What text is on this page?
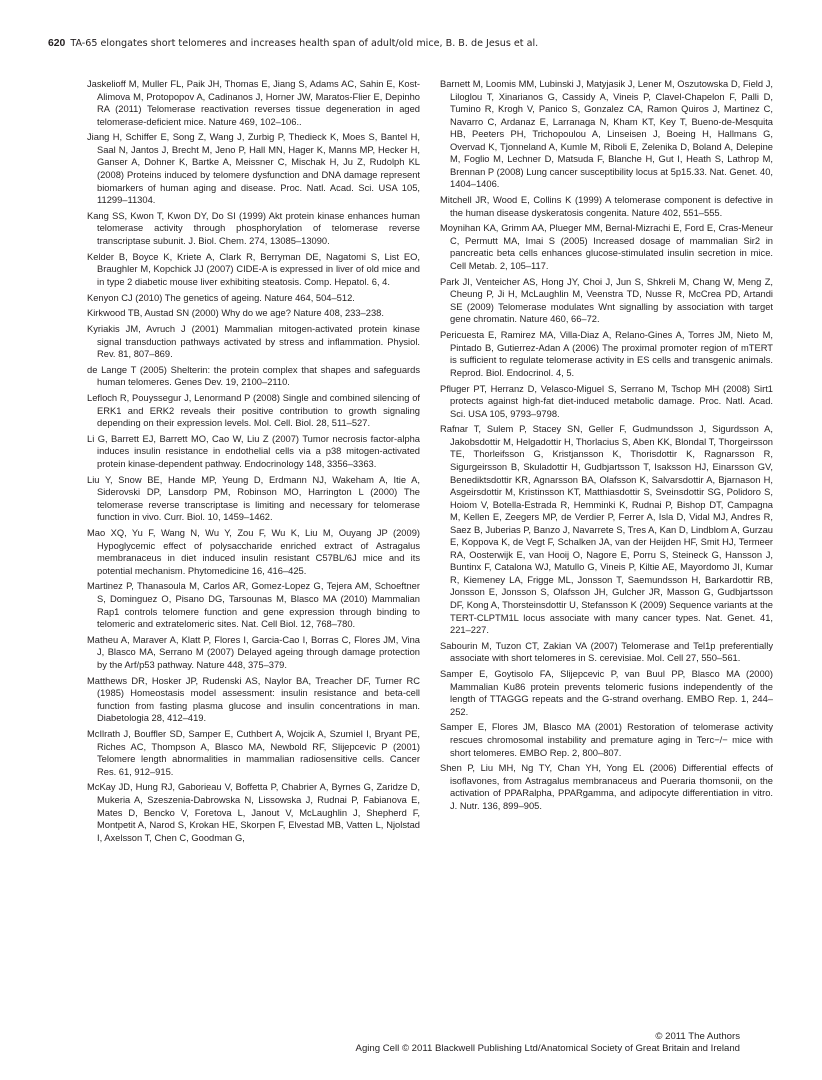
620 TA-65 elongates short telomeres and increases health span of adult/old mice, B. B. de Jesus et al.

Jaskelioff M, Muller FL, Paik JH, Thomas E, Jiang S, Adams AC, Sahin E, Kost-Alimova M, Protopopov A, Cadinanos J, Horner JW, Maratos-Flier E, Depinho RA (2011) Telomerase reactivation reverses tissue degeneration in aged telomerase-deficient mice. Nature 469, 102–106..

Jiang H, Schiffer E, Song Z, Wang J, Zurbig P, Thedieck K, Moes S, Bantel H, Saal N, Jantos J, Brecht M, Jeno P, Hall MN, Hager K, Manns MP, Hecker H, Ganser A, Dohner K, Bartke A, Meissner C, Mischak H, Ju Z, Rudolph KL (2008) Proteins induced by telomere dysfunction and DNA damage represent biomarkers of human aging and disease. Proc. Natl. Acad. Sci. USA 105, 11299–11304.

Kang SS, Kwon T, Kwon DY, Do SI (1999) Akt protein kinase enhances human telomerase activity through phosphorylation of telomerase reverse transcriptase subunit. J. Biol. Chem. 274, 13085–13090.

Kelder B, Boyce K, Kriete A, Clark R, Berryman DE, Nagatomi S, List EO, Braughler M, Kopchick JJ (2007) CIDE-A is expressed in liver of old mice and in type 2 diabetic mouse liver exhibiting steatosis. Comp. Hepatol. 6, 4.

Kenyon CJ (2010) The genetics of ageing. Nature 464, 504–512.

Kirkwood TB, Austad SN (2000) Why do we age? Nature 408, 233–238.

Kyriakis JM, Avruch J (2001) Mammalian mitogen-activated protein kinase signal transduction pathways activated by stress and inflammation. Physiol. Rev. 81, 807–869.

de Lange T (2005) Shelterin: the protein complex that shapes and safeguards human telomeres. Genes Dev. 19, 2100–2110.

Lefloch R, Pouyssegur J, Lenormand P (2008) Single and combined silencing of ERK1 and ERK2 reveals their positive contribution to growth signaling depending on their expression levels. Mol. Cell. Biol. 28, 511–527.

Li G, Barrett EJ, Barrett MO, Cao W, Liu Z (2007) Tumor necrosis factor-alpha induces insulin resistance in endothelial cells via a p38 mitogen-activated protein kinase-dependent pathway. Endocrinology 148, 3356–3363.

Liu Y, Snow BE, Hande MP, Yeung D, Erdmann NJ, Wakeham A, Itie A, Siderovski DP, Lansdorp PM, Robinson MO, Harrington L (2000) The telomerase reverse transcriptase is limiting and necessary for telomerase function in vivo. Curr. Biol. 10, 1459–1462.

Mao XQ, Yu F, Wang N, Wu Y, Zou F, Wu K, Liu M, Ouyang JP (2009) Hypoglycemic effect of polysaccharide enriched extract of Astragalus membranaceus in diet induced insulin resistant C57BL/6J mice and its potential mechanism. Phytomedicine 16, 416–425.

Martinez P, Thanasoula M, Carlos AR, Gomez-Lopez G, Tejera AM, Schoeftner S, Dominguez O, Pisano DG, Tarsounas M, Blasco MA (2010) Mammalian Rap1 controls telomere function and gene expression through binding to telomeric and extratelomeric sites. Nat. Cell Biol. 12, 768–780.

Matheu A, Maraver A, Klatt P, Flores I, Garcia-Cao I, Borras C, Flores JM, Vina J, Blasco MA, Serrano M (2007) Delayed ageing through damage protection by the Arf/p53 pathway. Nature 448, 375–379.

Matthews DR, Hosker JP, Rudenski AS, Naylor BA, Treacher DF, Turner RC (1985) Homeostasis model assessment: insulin resistance and beta-cell function from fasting plasma glucose and insulin concentrations in man. Diabetologia 28, 412–419.

McIlrath J, Bouffler SD, Samper E, Cuthbert A, Wojcik A, Szumiel I, Bryant PE, Riches AC, Thompson A, Blasco MA, Newbold RF, Slijepcevic P (2001) Telomere length abnormalities in mammalian radiosensitive cells. Cancer Res. 61, 912–915.

McKay JD, Hung RJ, Gaborieau V, Boffetta P, Chabrier A, Byrnes G, Zaridze D, Mukeria A, Szeszenia-Dabrowska N, Lissowska J, Rudnai P, Fabianova E, Mates D, Bencko V, Foretova L, Janout V, McLaughlin J, Shepherd F, Montpetit A, Narod S, Krokan HE, Skorpen F, Elvestad MB, Vatten L, Njolstad I, Axelsson T, Chen C, Goodman G,

Barnett M, Loomis MM, Lubinski J, Matyjasik J, Lener M, Oszutowska D, Field J, Liloglou T, Xinarianos G, Cassidy A, Vineis P, Clavel-Chapelon F, Palli D, Tumino R, Krogh V, Panico S, Gonzalez CA, Ramon Quiros J, Martinez C, Navarro C, Ardanaz E, Larranaga N, Kham KT, Key T, Bueno-de-Mesquita HB, Peeters PH, Trichopoulou A, Linseisen J, Boeing H, Hallmans G, Overvad K, Tjonneland A, Kumle M, Riboli E, Zelenika D, Boland A, Delepine M, Foglio M, Lechner D, Matsuda F, Blanche H, Gut I, Heath S, Lathrop M, Brennan P (2008) Lung cancer susceptibility locus at 5p15.33. Nat. Genet. 40, 1404–1406.

Mitchell JR, Wood E, Collins K (1999) A telomerase component is defective in the human disease dyskeratosis congenita. Nature 402, 551–555.

Moynihan KA, Grimm AA, Plueger MM, Bernal-Mizrachi E, Ford E, Cras-Meneur C, Permutt MA, Imai S (2005) Increased dosage of mammalian Sir2 in pancreatic beta cells enhances glucose-stimulated insulin secretion in mice. Cell Metab. 2, 105–117.

Park JI, Venteicher AS, Hong JY, Choi J, Jun S, Shkreli M, Chang W, Meng Z, Cheung P, Ji H, McLaughlin M, Veenstra TD, Nusse R, McCrea PD, Artandi SE (2009) Telomerase modulates Wnt signalling by association with target gene chromatin. Nature 460, 66–72.

Pericuesta E, Ramirez MA, Villa-Diaz A, Relano-Gines A, Torres JM, Nieto M, Pintado B, Gutierrez-Adan A (2006) The proximal promoter region of mTERT is sufficient to regulate telomerase activity in ES cells and transgenic animals. Reprod. Biol. Endocrinol. 4, 5.

Pfluger PT, Herranz D, Velasco-Miguel S, Serrano M, Tschop MH (2008) Sirt1 protects against high-fat diet-induced metabolic damage. Proc. Natl. Acad. Sci. USA 105, 9793–9798.

Rafnar T, Sulem P, Stacey SN, Geller F, Gudmundsson J, Sigurdsson A, Jakobsdottir M, Helgadottir H, Thorlacius S, Aben KK, Blondal T, Thorgeirsson TE, Thorleifsson G, Kristjansson K, Thorisdottir K, Ragnarsson R, Sigurgeirsson B, Skuladottir H, Gudbjartsson T, Isaksson HJ, Einarsson GV, Benediktsdottir KR, Agnarsson BA, Olafsson K, Salvarsdottir A, Bjarnason H, Asgeirsdottir M, Kristinsson KT, Matthiasdottir S, Sveinsdottir SG, Polidoro S, Hoiom V, Botella-Estrada R, Hemminki K, Rudnai P, Bishop DT, Campagna M, Kellen E, Zeegers MP, de Verdier P, Ferrer A, Isla D, Vidal MJ, Andres R, Saez B, Juberias P, Banzo J, Navarrete S, Tres A, Kan D, Lindblom A, Gurzau E, Koppova K, de Vegt F, Schalken JA, van der Heijden HF, Smit HJ, Termeer RA, Oosterwijk E, van Hooij O, Nagore E, Porru S, Steineck G, Hansson J, Buntinx F, Catalona WJ, Matullo G, Vineis P, Kiltie AE, Mayordomo JI, Kumar R, Kiemeney LA, Frigge ML, Jonsson T, Saemundsson H, Barkardottir RB, Jonsson E, Jonsson S, Olafsson JH, Gulcher JR, Masson G, Gudbjartsson DF, Kong A, Thorsteinsdottir U, Stefansson K (2009) Sequence variants at the TERT-CLPTM1L locus associate with many cancer types. Nat. Genet. 41, 221–227.

Sabourin M, Tuzon CT, Zakian VA (2007) Telomerase and Tel1p preferentially associate with short telomeres in S. cerevisiae. Mol. Cell 27, 550–561.

Samper E, Goytisolo FA, Slijepcevic P, van Buul PP, Blasco MA (2000) Mammalian Ku86 protein prevents telomeric fusions independently of the length of TTAGGG repeats and the G-strand overhang. EMBO Rep. 1, 244–252.

Samper E, Flores JM, Blasco MA (2001) Restoration of telomerase activity rescues chromosomal instability and premature aging in Terc−/− mice with short telomeres. EMBO Rep. 2, 800–807.

Shen P, Liu MH, Ng TY, Chan YH, Yong EL (2006) Differential effects of isoflavones, from Astragalus membranaceus and Pueraria thomsonii, on the activation of PPARalpha, PPARgamma, and adipocyte differentiation in vitro. J. Nutr. 136, 899–905.

© 2011 The Authors
Aging Cell © 2011 Blackwell Publishing Ltd/Anatomical Society of Great Britain and Ireland
